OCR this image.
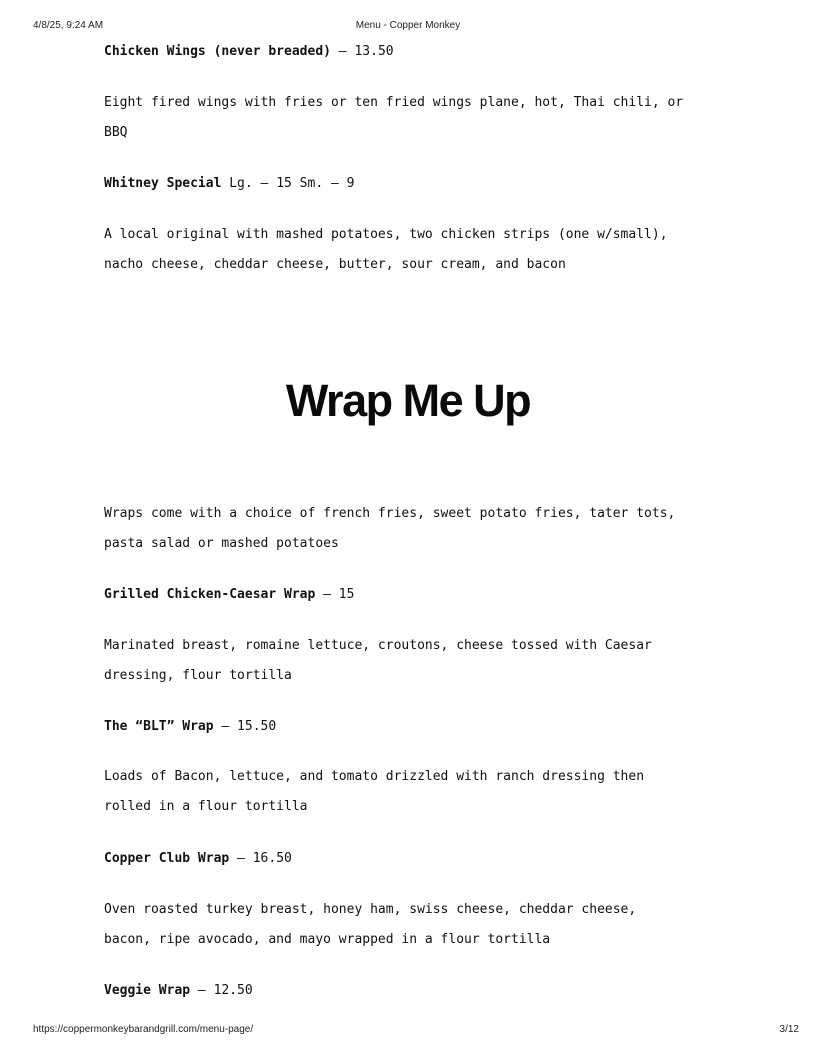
4/8/25, 9:24 AM	Menu - Copper Monkey
Chicken Wings (never breaded) – 13.50
Eight fired wings with fries or ten fried wings plane, hot, Thai chili, or
BBQ
Whitney Special Lg. – 15 Sm. – 9
A local original with mashed potatoes, two chicken strips (one w/small),
nacho cheese, cheddar cheese, butter, sour cream, and bacon
Wrap Me Up
Wraps come with a choice of french fries, sweet potato fries, tater tots,
pasta salad or mashed potatoes
Grilled Chicken-Caesar Wrap – 15
Marinated breast, romaine lettuce, croutons, cheese tossed with Caesar
dressing, flour tortilla
The “BLT” Wrap – 15.50
Loads of Bacon, lettuce, and tomato drizzled with ranch dressing then
rolled in a flour tortilla
Copper Club Wrap – 16.50
Oven roasted turkey breast, honey ham, swiss cheese, cheddar cheese,
bacon, ripe avocado, and mayo wrapped in a flour tortilla
Veggie Wrap – 12.50
https://coppermonkeybarandgrill.com/menu-page/	3/12
